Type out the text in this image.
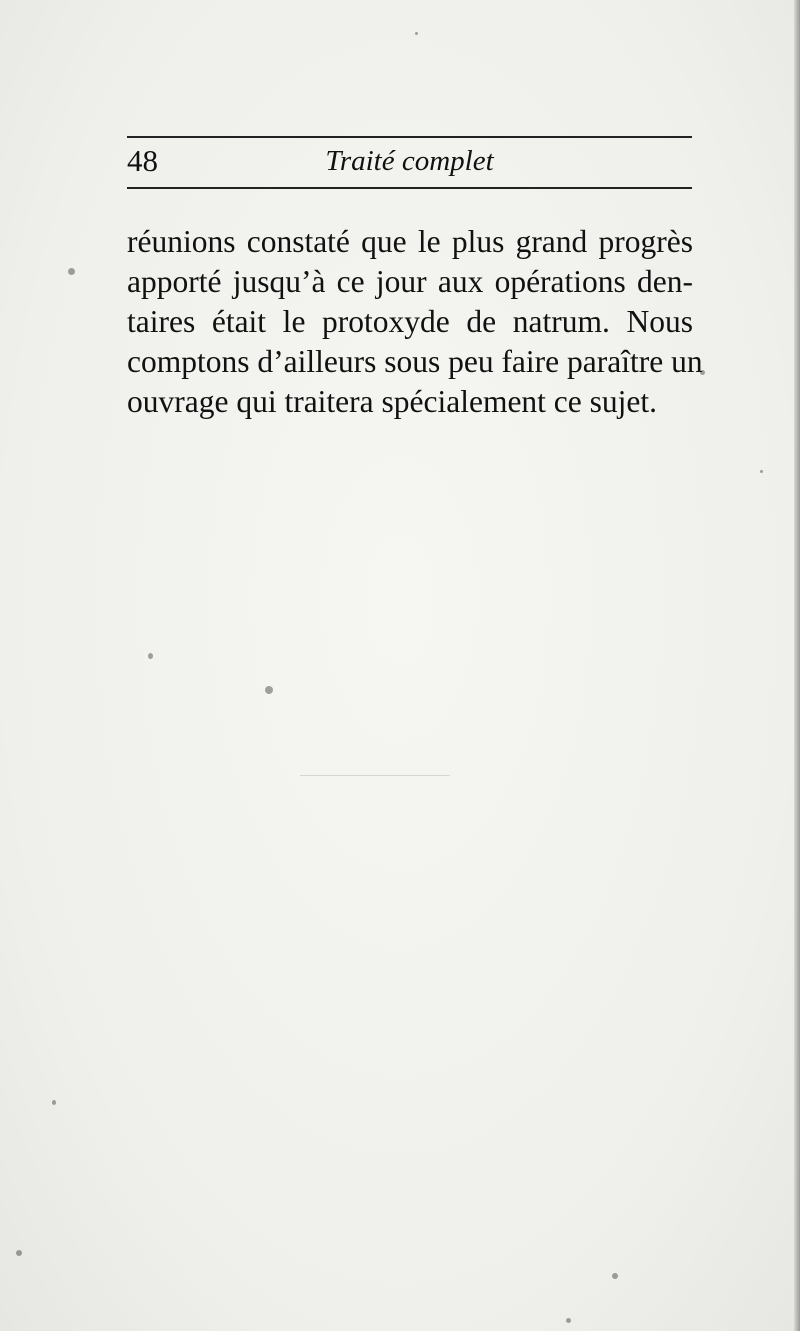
48	Traité complet
réunions constaté que le plus grand progrès
apporté jusqu’à ce jour aux opérations den-
taires était le protoxyde de natrum. Nous
comptons d’ailleurs sous peu faire paraître un
ouvrage qui traitera spécialement ce sujet.
